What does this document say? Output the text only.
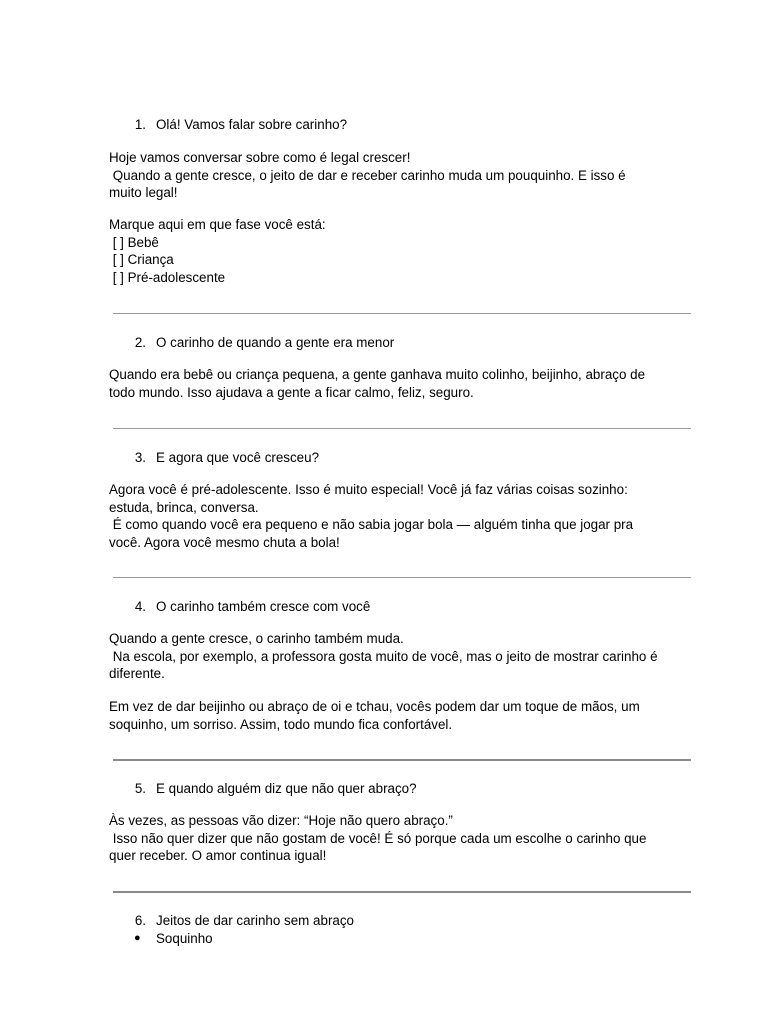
1. Olá! Vamos falar sobre carinho?
Hoje vamos conversar sobre como é legal crescer!
Quando a gente cresce, o jeito de dar e receber carinho muda um pouquinho. E isso é
muito legal!
Marque aqui em que fase você está:
[ ] Bebê
[ ] Criança
[ ] Pré-adolescente
2. O carinho de quando a gente era menor
Quando era bebê ou criança pequena, a gente ganhava muito colinho, beijinho, abraço de
todo mundo. Isso ajudava a gente a ficar calmo, feliz, seguro.
3. E agora que você cresceu?
Agora você é pré-adolescente. Isso é muito especial! Você já faz várias coisas sozinho:
estuda, brinca, conversa.
É como quando você era pequeno e não sabia jogar bola — alguém tinha que jogar pra
você. Agora você mesmo chuta a bola!
4. O carinho também cresce com você
Quando a gente cresce, o carinho também muda.
Na escola, por exemplo, a professora gosta muito de você, mas o jeito de mostrar carinho é
diferente.
Em vez de dar beijinho ou abraço de oi e tchau, vocês podem dar um toque de mãos, um
soquinho, um sorriso. Assim, todo mundo fica confortável.
5. E quando alguém diz que não quer abraço?
Às vezes, as pessoas vão dizer: “Hoje não quero abraço.”
Isso não quer dizer que não gostam de você! É só porque cada um escolhe o carinho que
quer receber. O amor continua igual!
6. Jeitos de dar carinho sem abraço
● Soquinho
